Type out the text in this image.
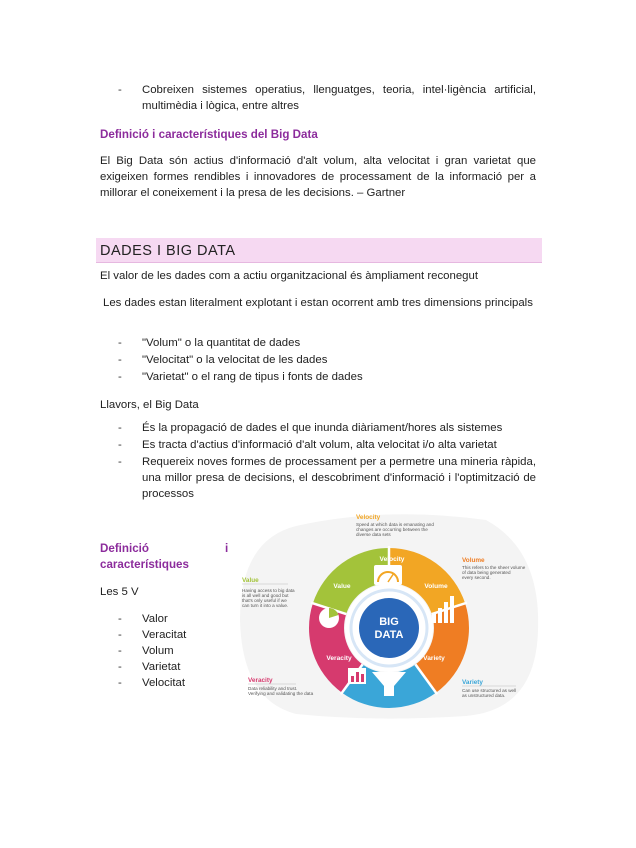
- Cobreixen sistemes operatius, llenguatges, teoria, intel·ligència artificial, multimèdia i lògica, entre altres
Definició i característiques del Big Data
El Big Data són actius d'informació d'alt volum, alta velocitat i gran varietat que exigeixen formes rendibles i innovadores de processament de la informació per a millorar el coneixement i la presa de les decisions. – Gartner
DADES I BIG DATA
El valor de les dades com a actiu organitzacional és àmpliament reconegut
Les dades estan literalment explotant i estan ocorrent amb tres dimensions principals
- "Volum" o la quantitat de dades
- "Velocitat" o la velocitat de les dades
- "Varietat" o el rang de tipus i fonts de dades
Llavors, el Big Data
- És la propagació de dades el que inunda diàriament/hores als sistemes
- Es tracta d'actius d'informació d'alt volum, alta velocitat i/o alta varietat
- Requereix noves formes de processament per a permetre una mineria ràpida, una millor presa de decisions, el descobriment d'informació i l'optimització de processos
Definició	i
característiques
Les 5 V
- Valor
- Veracitat
- Volum
- Varietat
- Velocitat
BIG
DATA
Velocity
Volume
Variety
Veracity
Value
Velocity
Speed at which data is emanating and
changes are occurring between the
diverse data sets
Volume
This refers to the sheer volume
of data being generated
every second.
Value
Having access to big data
is all well and good but
that's only useful if we
can turn it into a value.
Veracity
Data reliability and trust.
Verifying and validating the data
Variety
Can use structured as well
as unstructured data.
